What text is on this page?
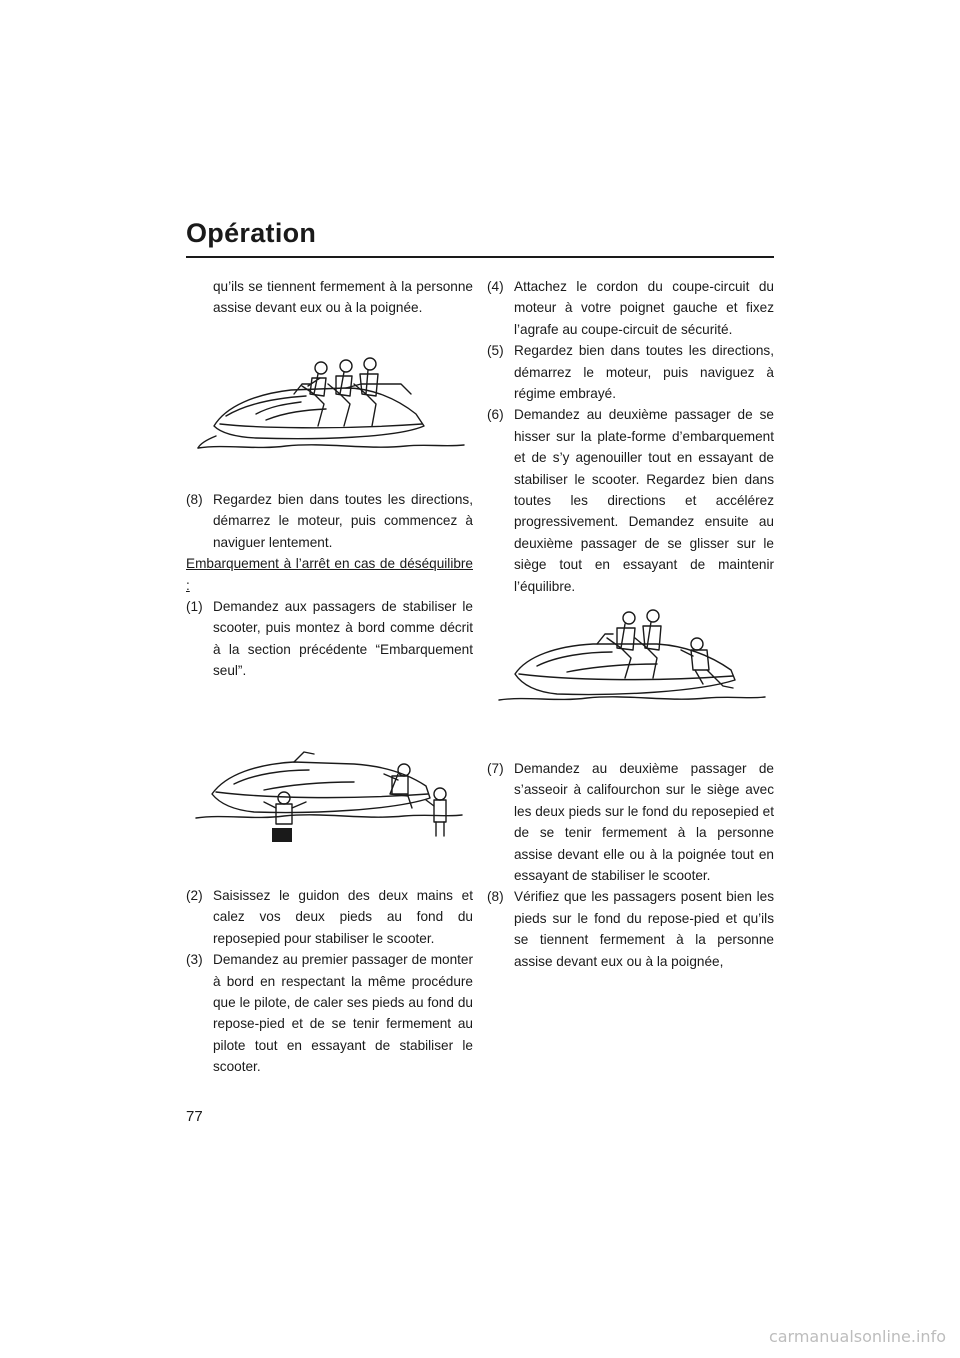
Opération
qu’ils se tiennent fermement à la personne assise devant eux ou à la poignée.
(8) Regardez bien dans toutes les directions, démarrez le moteur, puis commencez à naviguer lentement.
Embarquement à l’arrêt en cas de déséquilibre :
(1) Demandez aux passagers de stabiliser le scooter, puis montez à bord comme décrit à la section précédente “Embarquement seul”.
(2) Saisissez le guidon des deux mains et calez vos deux pieds au fond du reposepied pour stabiliser le scooter.
(3) Demandez au premier passager de monter à bord en respectant la même procédure que le pilote, de caler ses pieds au fond du repose-pied et de se tenir fermement au pilote tout en essayant de stabiliser le scooter.
(4) Attachez le cordon du coupe-circuit du moteur à votre poignet gauche et fixez l’agrafe au coupe-circuit de sécurité.
(5) Regardez bien dans toutes les directions, démarrez le moteur, puis naviguez à régime embrayé.
(6) Demandez au deuxième passager de se hisser sur la plate-forme d’embarquement et de s’y agenouiller tout en essayant de stabiliser le scooter. Regardez bien dans toutes les directions et accélérez progressivement. Demandez ensuite au deuxième passager de se glisser sur le siège tout en essayant de maintenir l’équilibre.
(7) Demandez au deuxième passager de s’asseoir à califourchon sur le siège avec les deux pieds sur le fond du reposepied et de se tenir fermement à la personne assise devant elle ou à la poignée tout en essayant de stabiliser le scooter.
(8) Vérifiez que les passagers posent bien les pieds sur le fond du repose-pied et qu’ils se tiennent fermement à la personne assise devant eux ou à la poignée,
77
carmanualsonline.info
